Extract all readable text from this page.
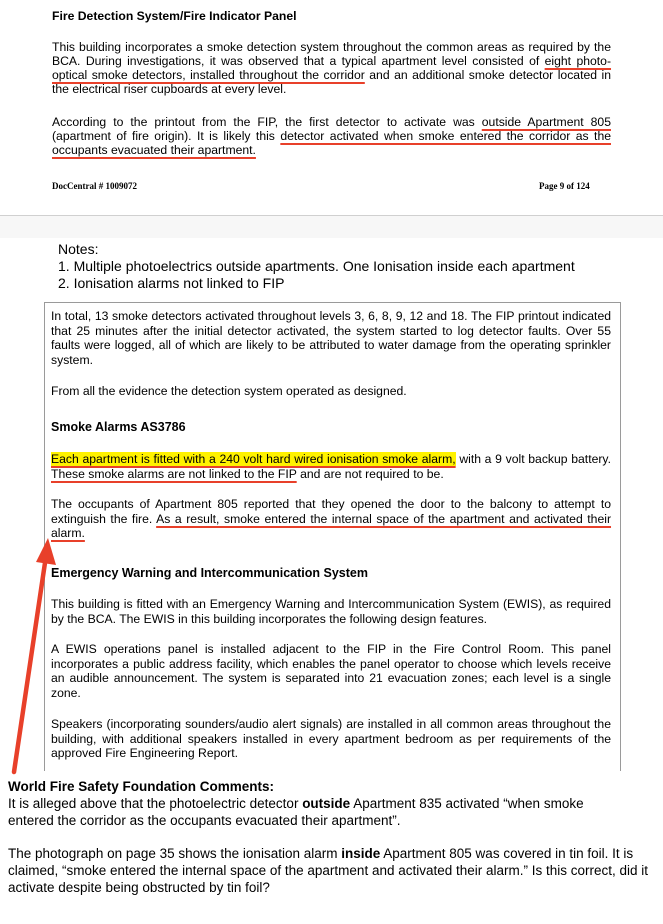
Fire Detection System/Fire Indicator Panel

This building incorporates a smoke detection system throughout the common areas as required by the BCA. During investigations, it was observed that a typical apartment level consisted of eight photo-optical smoke detectors, installed throughout the corridor and an additional smoke detector located in the electrical riser cupboards at every level.

According to the printout from the FIP, the first detector to activate was outside Apartment 805 (apartment of fire origin). It is likely this detector activated when smoke entered the corridor as the occupants evacuated their apartment.

DocCentral # 1009072	Page 9 of 124
Notes:
1. Multiple photoelectrics outside apartments. One Ionisation inside each apartment
2. Ionisation alarms not linked to FIP

In total, 13 smoke detectors activated throughout levels 3, 6, 8, 9, 12 and 18. The FIP printout indicated that 25 minutes after the initial detector activated, the system started to log detector faults. Over 55 faults were logged, all of which are likely to be attributed to water damage from the operating sprinkler system.

From all the evidence the detection system operated as designed.

Smoke Alarms AS3786

Each apartment is fitted with a 240 volt hard wired ionisation smoke alarm, with a 9 volt backup battery. These smoke alarms are not linked to the FIP and are not required to be.

The occupants of Apartment 805 reported that they opened the door to the balcony to attempt to extinguish the fire. As a result, smoke entered the internal space of the apartment and activated their alarm.

Emergency Warning and Intercommunication System

This building is fitted with an Emergency Warning and Intercommunication System (EWIS), as required by the BCA. The EWIS in this building incorporates the following design features.

A EWIS operations panel is installed adjacent to the FIP in the Fire Control Room. This panel incorporates a public address facility, which enables the panel operator to choose which levels receive an audible announcement. The system is separated into 21 evacuation zones; each level is a single zone.

Speakers (incorporating sounders/audio alert signals) are installed in all common areas throughout the building, with additional speakers installed in every apartment bedroom as per requirements of the approved Fire Engineering Report.

World Fire Safety Foundation Comments:
It is alleged above that the photoelectric detector outside Apartment 835 activated “when smoke entered the corridor as the occupants evacuated their apartment”.
The photograph on page 35 shows the ionisation alarm inside Apartment 805 was covered in tin foil. It is claimed, “smoke entered the internal space of the apartment and activated their alarm.” Is this correct, did it activate despite being obstructed by tin foil?
